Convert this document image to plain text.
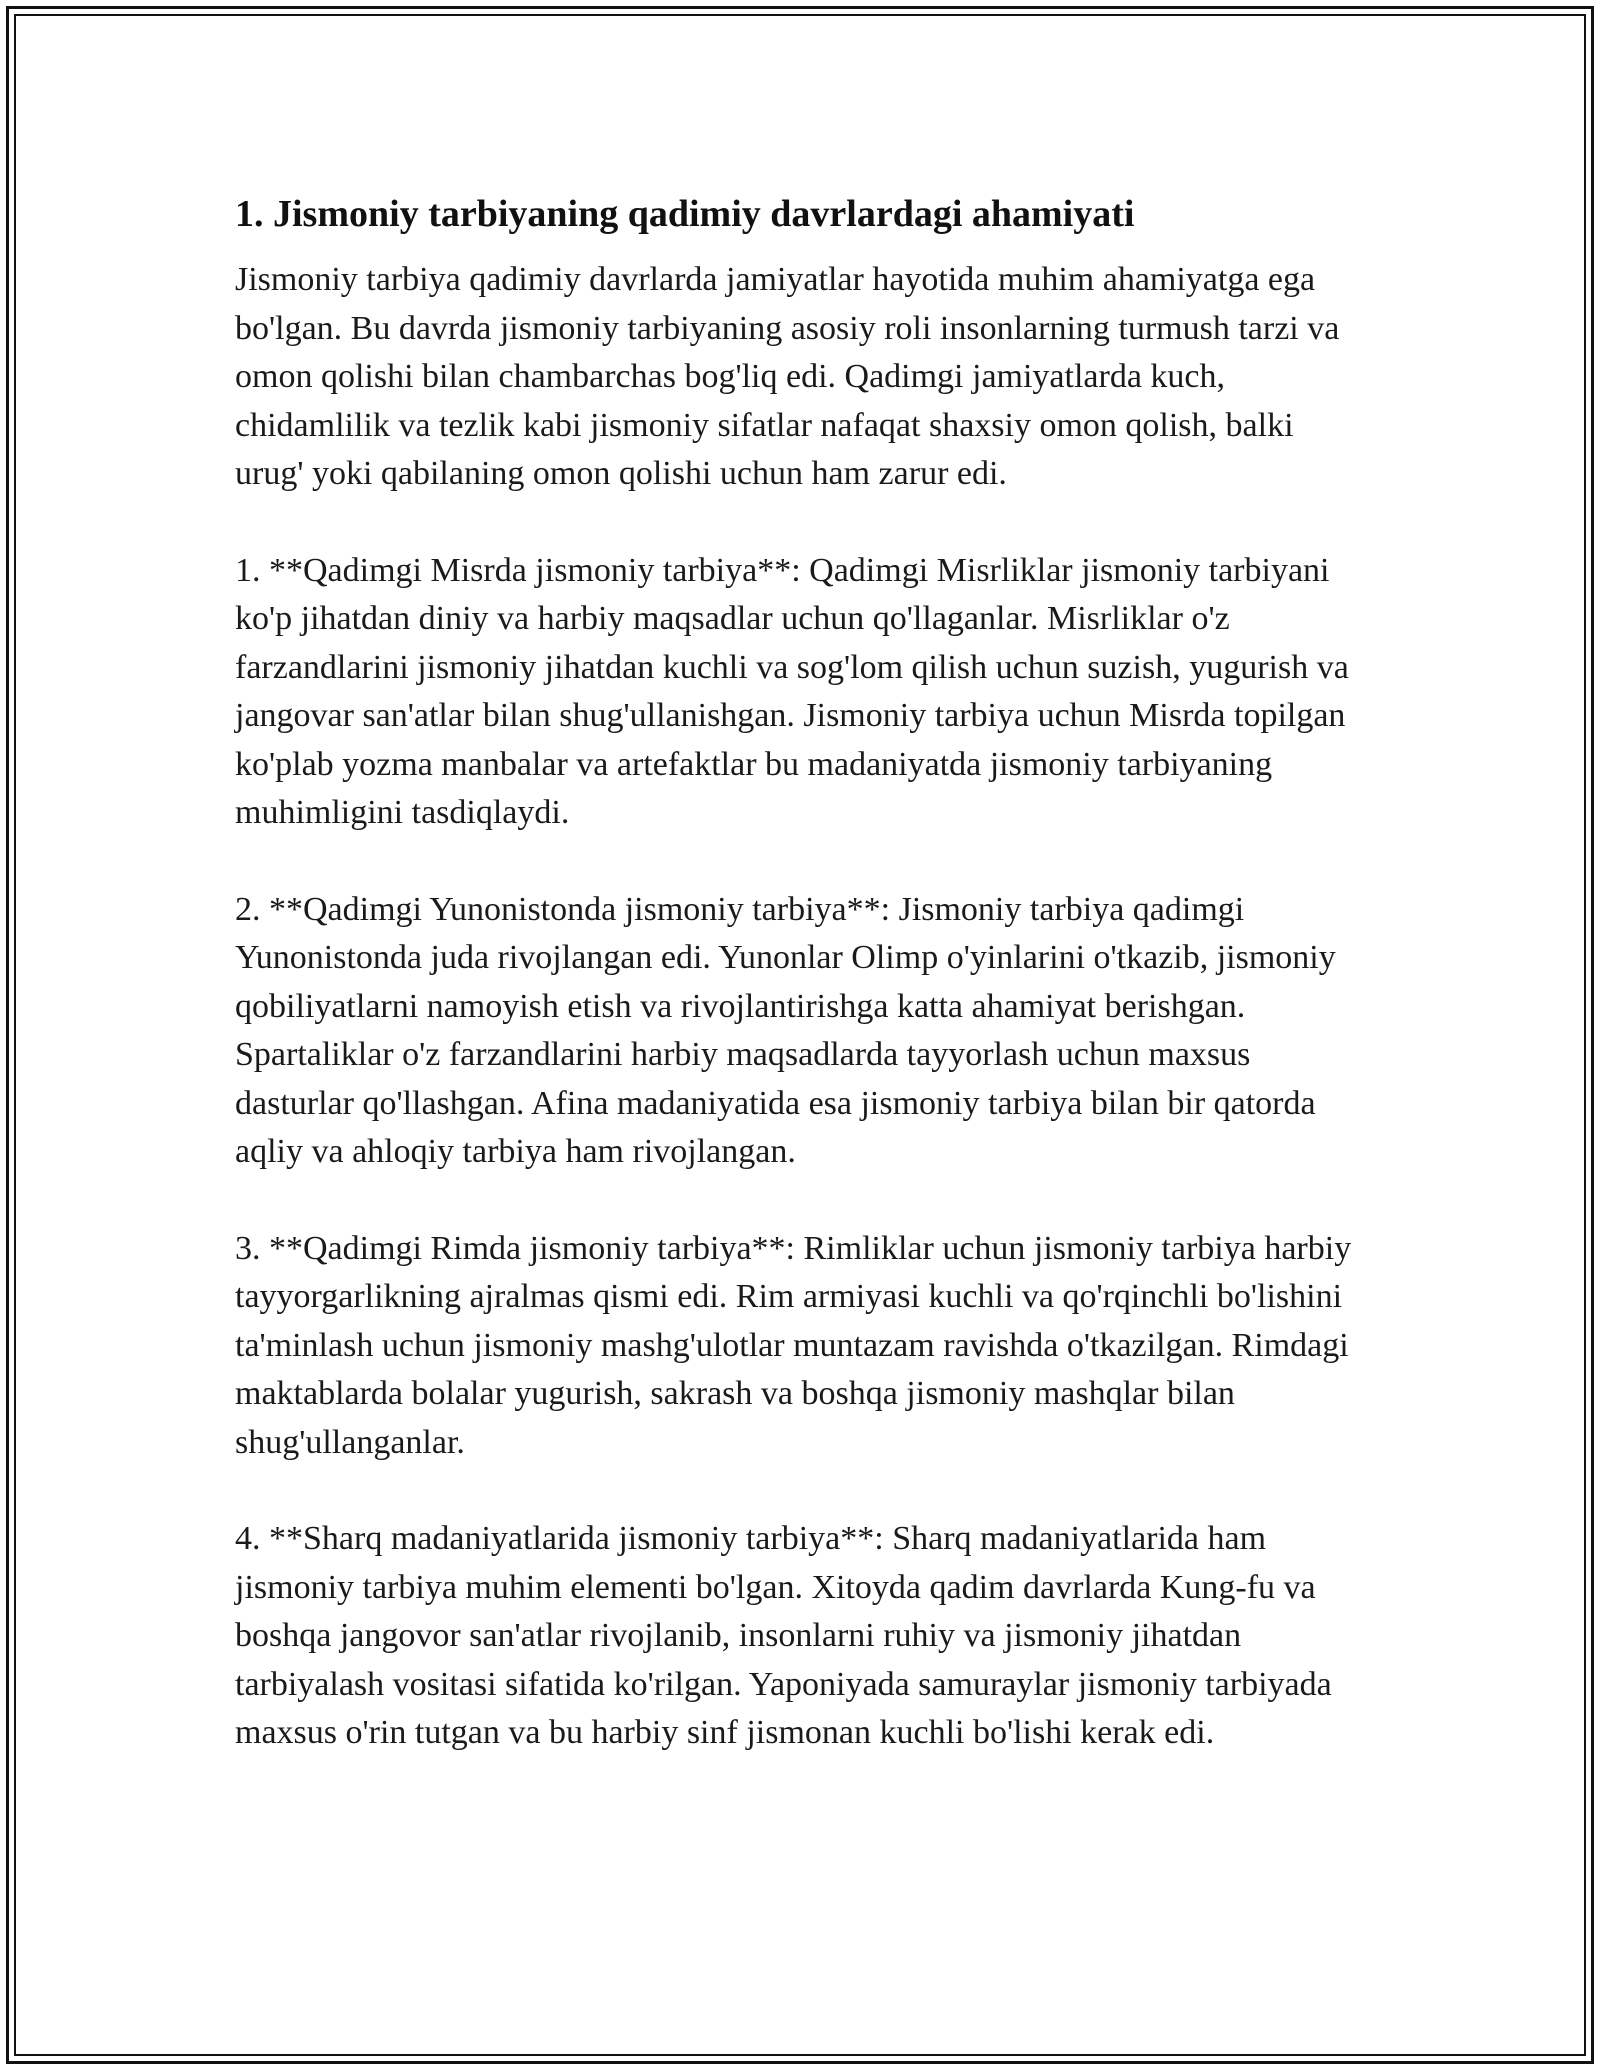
1. Jismoniy tarbiyaning qadimiy davrlardagi ahamiyati

Jismoniy tarbiya qadimiy davrlarda jamiyatlar hayotida muhim ahamiyatga ega bo'lgan. Bu davrda jismoniy tarbiyaning asosiy roli insonlarning turmush tarzi va omon qolishi bilan chambarchas bog'liq edi. Qadimgi jamiyatlarda kuch, chidamlilik va tezlik kabi jismoniy sifatlar nafaqat shaxsiy omon qolish, balki urug' yoki qabilaning omon qolishi uchun ham zarur edi.

1. **Qadimgi Misrda jismoniy tarbiya**: Qadimgi Misrliklar jismoniy tarbiyani ko'p jihatdan diniy va harbiy maqsadlar uchun qo'llaganlar. Misrliklar o'z farzandlarini jismoniy jihatdan kuchli va sog'lom qilish uchun suzish, yugurish va jangovar san'atlar bilan shug'ullanishgan. Jismoniy tarbiya uchun Misrda topilgan ko'plab yozma manbalar va artefaktlar bu madaniyatda jismoniy tarbiyaning muhimligini tasdiqlaydi.

2. **Qadimgi Yunonistonda jismoniy tarbiya**: Jismoniy tarbiya qadimgi Yunonistonda juda rivojlangan edi. Yunonlar Olimp o'yinlarini o'tkazib, jismoniy qobiliyatlarni namoyish etish va rivojlantirishga katta ahamiyat berishgan. Spartaliklar o'z farzandlarini harbiy maqsadlarda tayyorlash uchun maxsus dasturlar qo'llashgan. Afina madaniyatida esa jismoniy tarbiya bilan bir qatorda aqliy va ahloqiy tarbiya ham rivojlangan.

3. **Qadimgi Rimda jismoniy tarbiya**: Rimliklar uchun jismoniy tarbiya harbiy tayyorgarlikning ajralmas qismi edi. Rim armiyasi kuchli va qo'rqinchli bo'lishini ta'minlash uchun jismoniy mashg'ulotlar muntazam ravishda o'tkazilgan. Rimdagi maktablarda bolalar yugurish, sakrash va boshqa jismoniy mashqlar bilan shug'ullanganlar.

4. **Sharq madaniyatlarida jismoniy tarbiya**: Sharq madaniyatlarida ham jismoniy tarbiya muhim elementi bo'lgan. Xitoyda qadim davrlarda Kung-fu va boshqa jangovor san'atlar rivojlanib, insonlarni ruhiy va jismoniy jihatdan tarbiyalash vositasi sifatida ko'rilgan. Yaponiyada samuraylar jismoniy tarbiyada maxsus o'rin tutgan va bu harbiy sinf jismonan kuchli bo'lishi kerak edi.
